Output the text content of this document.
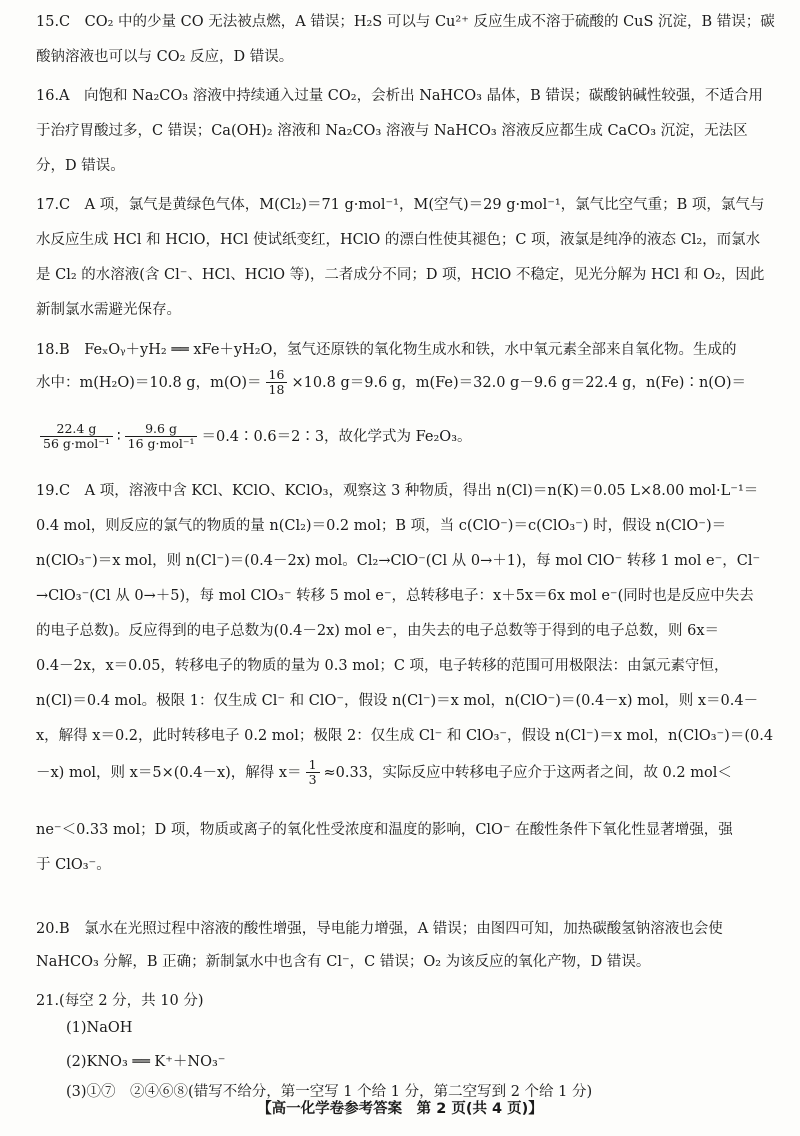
15.C　CO₂ 中的少量 CO 无法被点燃，A 错误；H₂S 可以与 Cu²⁺ 反应生成不溶于硫酸的 CuS 沉淀，B 错误；碳

酸钠溶液也可以与 CO₂ 反应，D 错误。

16.A　向饱和 Na₂CO₃ 溶液中持续通入过量 CO₂，会析出 NaHCO₃ 晶体，B 错误；碳酸钠碱性较强，不适合用

于治疗胃酸过多，C 错误；Ca(OH)₂ 溶液和 Na₂CO₃ 溶液与 NaHCO₃ 溶液反应都生成 CaCO₃ 沉淀，无法区

分，D 错误。

17.C　A 项，氯气是黄绿色气体，M(Cl₂)＝71 g·mol⁻¹，M(空气)＝29 g·mol⁻¹，氯气比空气重；B 项，氯气与

水反应生成 HCl 和 HClO，HCl 使试纸变红，HClO 的漂白性使其褪色；C 项，液氯是纯净的液态 Cl₂，而氯水

是 Cl₂ 的水溶液(含 Cl⁻、HCl、HClO 等)，二者成分不同；D 项，HClO 不稳定，见光分解为 HCl 和 O₂，因此

新制氯水需避光保存。

18.B　FeₓOᵧ＋yH₂ ══ xFe＋yH₂O，氢气还原铁的氧化物生成水和铁，水中氧元素全部来自氧化物。生成的

水中：m(H₂O)＝10.8 g，$m(O)= \frac{16}{18} \times 10.8$ g＝9.6 g，m(Fe)＝32.0 g－9.6 g＝22.4 g，n(Fe)∶n(O)＝

$\frac{22.4 g}{\text{56 g·mol⁻¹}}$ ∶ $\frac{9.6 g}{\text{16 g·mol⁻¹}}$ ＝0.4∶0.6＝2∶3，故化学式为 Fe₂O₃。

19.C　A 项，溶液中含 KCl、KClO、KClO₃，观察这 3 种物质，得出 n(Cl)＝n(K)＝0.05 L×8.00 mol·L⁻¹＝

0.4 mol，则反应的氯气的物质的量 n(Cl₂)＝0.2 mol；B 项，当 c(ClO⁻)＝c(ClO₃⁻) 时，假设 n(ClO⁻)＝

n(ClO₃⁻)＝x mol，则 n(Cl⁻)＝(0.4－2x) mol。Cl₂→ClO⁻(Cl 从 0→＋1)，每 mol ClO⁻ 转移 1 mol e⁻，Cl⁻

→ClO₃⁻(Cl 从 0→＋5)，每 mol ClO₃⁻ 转移 5 mol e⁻，总转移电子：x＋5x＝6x mol e⁻(同时也是反应中失去

的电子总数)。反应得到的电子总数为(0.4－2x) mol e⁻，由失去的电子总数等于得到的电子总数，则 6x＝

0.4－2x，x＝0.05，转移电子的物质的量为 0.3 mol；C 项，电子转移的范围可用极限法：由氯元素守恒，

n(Cl)＝0.4 mol。极限 1：仅生成 Cl⁻ 和 ClO⁻，假设 n(Cl⁻)＝x mol，n(ClO⁻)＝(0.4－x) mol，则 x＝0.4－

x，解得 x＝0.2，此时转移电子 0.2 mol；极限 2：仅生成 Cl⁻ 和 ClO₃⁻，假设 n(Cl⁻)＝x mol，n(ClO₃⁻)＝(0.4

－x) mol，则 x＝5×(0.4－x)，解得 $x= \frac{1}{3} \approx 0.33$，实际反应中转移电子应介于这两者之间，故 0.2 mol＜

ne⁻＜0.33 mol；D 项，物质或离子的氧化性受浓度和温度的影响，ClO⁻ 在酸性条件下氧化性显著增强，强

于 ClO₃⁻。

20.B　氯水在光照过程中溶液的酸性增强，导电能力增强，A 错误；由图四可知，加热碳酸氢钠溶液也会使

NaHCO₃ 分解，B 正确；新制氯水中也含有 Cl⁻，C 错误；O₂ 为该反应的氧化产物，D 错误。

21.(每空 2 分，共 10 分)

(1)NaOH

(2)KNO₃ ══ K⁺＋NO₃⁻

(3)①⑦　②④⑥⑧(错写不给分，第一空写 1 个给 1 分，第二空写到 2 个给 1 分)

【高一化学卷参考答案　第 2 页(共 4 页)】
